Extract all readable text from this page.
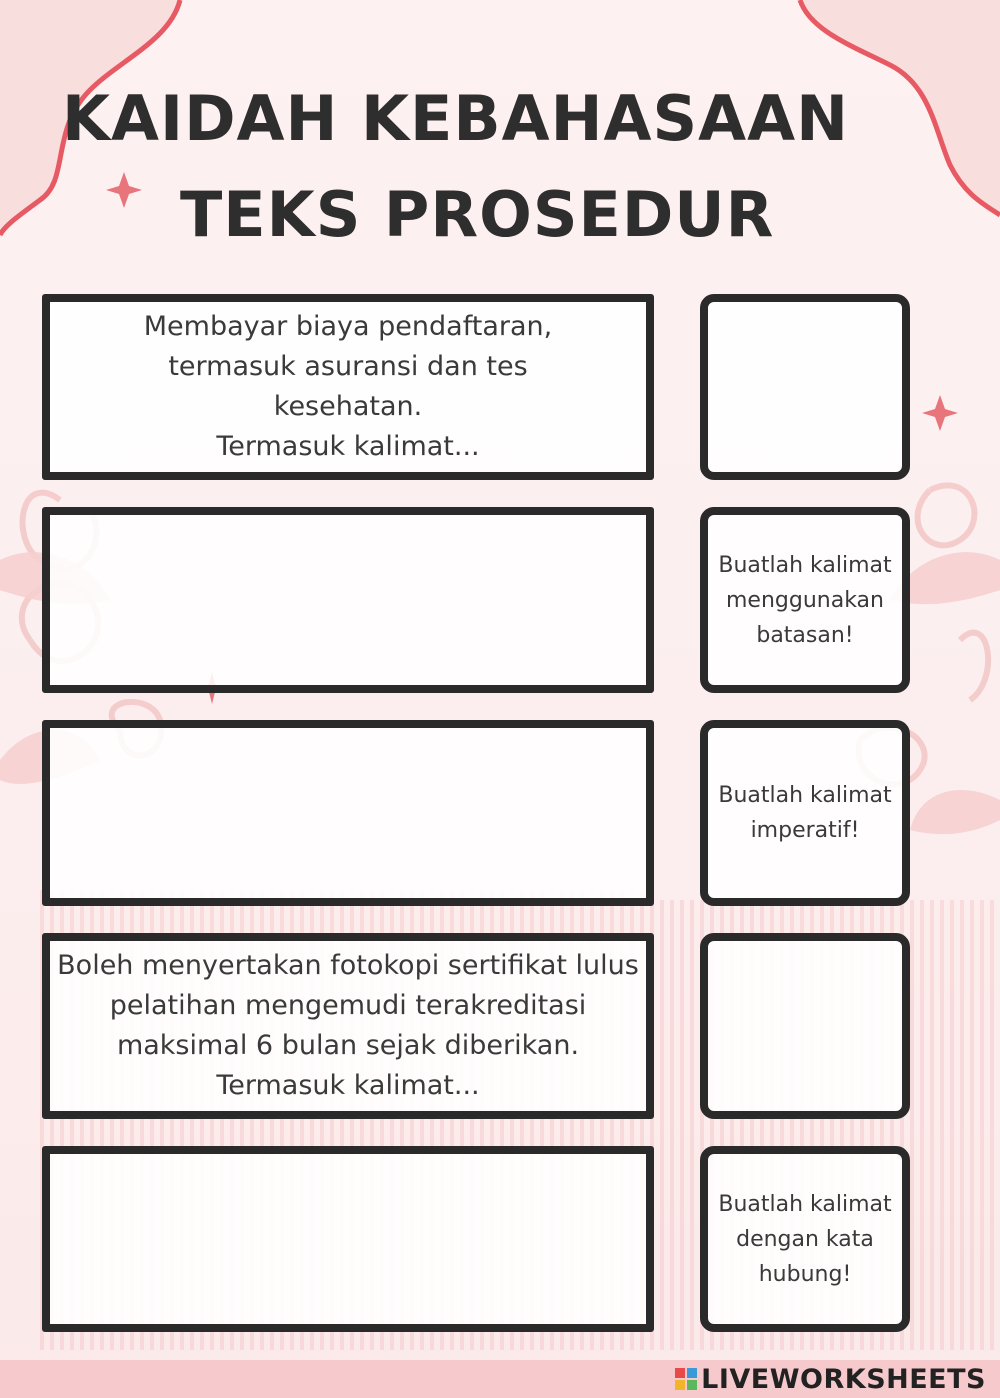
KAIDAH KEBAHASAAN
TEKS PROSEDUR
Membayar biaya pendaftaran,
termasuk asuransi dan tes
kesehatan.
Termasuk kalimat...
Buatlah kalimat
menggunakan
batasan!
Buatlah kalimat
imperatif!
Boleh menyertakan fotokopi sertifikat lulus
pelatihan mengemudi terakreditasi
maksimal 6 bulan sejak diberikan.
Termasuk kalimat...
Buatlah kalimat
dengan kata
hubung!
LIVEWORKSHEETS
